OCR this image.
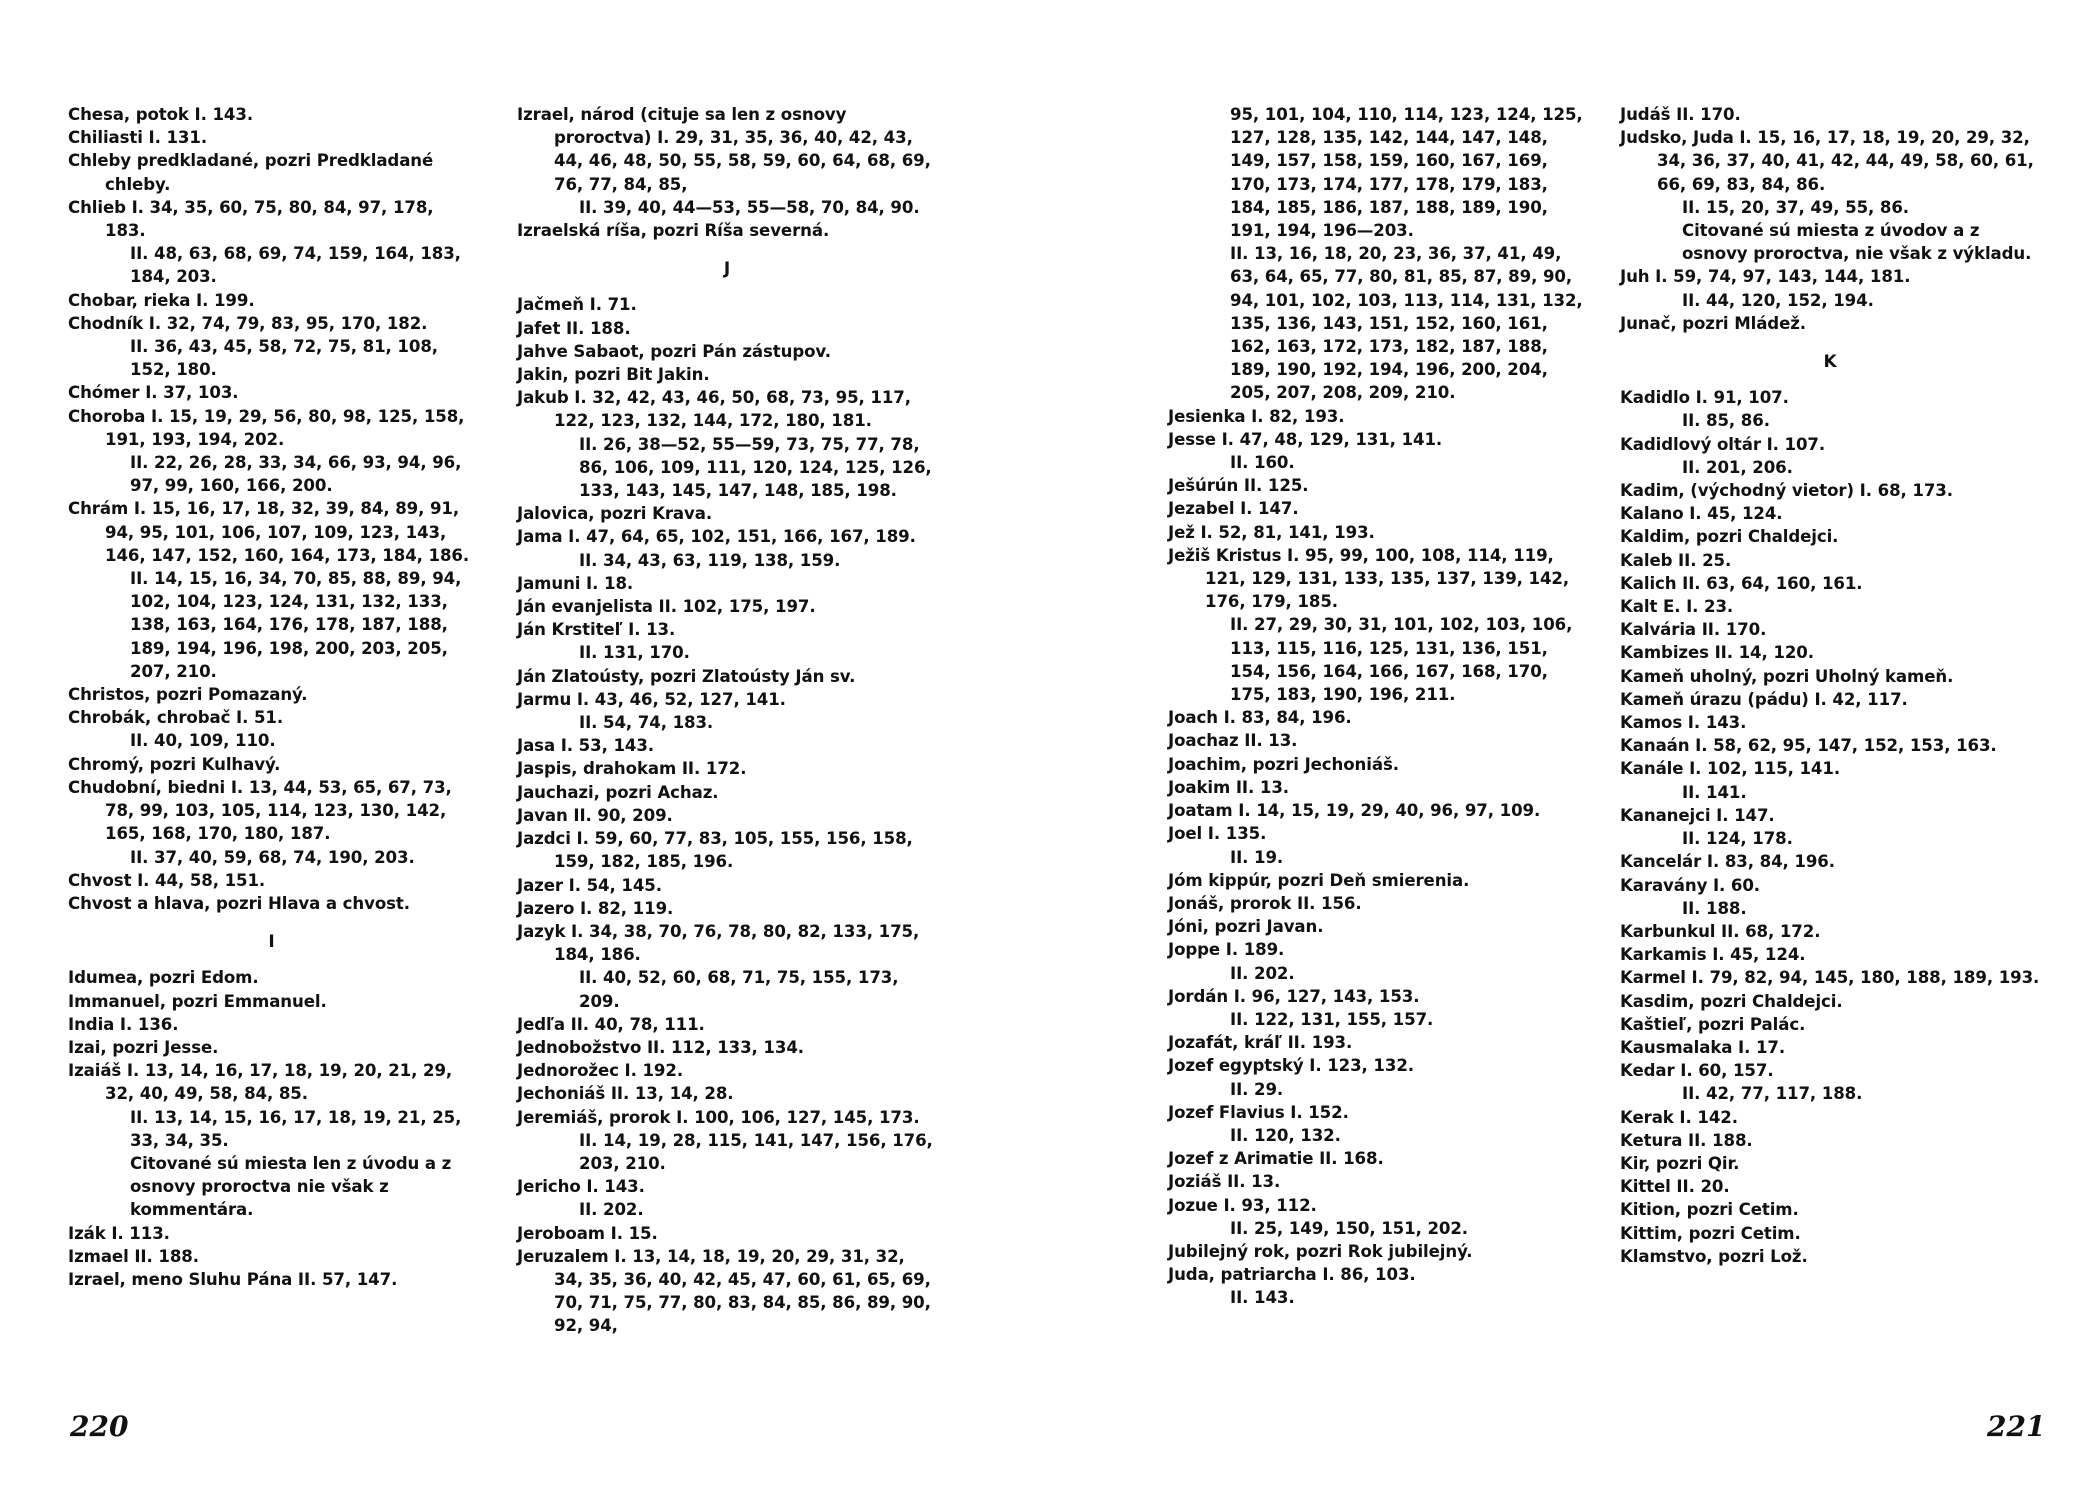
Chesa, potok I. 143.
Chiliasti I. 131.
Chleby predkladané, pozri Predkladané chleby.
Chlieb I. 34, 35, 60, 75, 80, 84, 97, 178, 183.
II. 48, 63, 68, 69, 74, 159, 164, 183, 184, 203.
Chobar, rieka I. 199.
Chodník I. 32, 74, 79, 83, 95, 170, 182.
II. 36, 43, 45, 58, 72, 75, 81, 108, 152, 180.
Chómer I. 37, 103.
Choroba I. 15, 19, 29, 56, 80, 98, 125, 158, 191, 193, 194, 202.
II. 22, 26, 28, 33, 34, 66, 93, 94, 96, 97, 99, 160, 166, 200.
Chrám I. 15, 16, 17, 18, 32, 39, 84, 89, 91, 94, 95, 101, 106, 107, 109, 123, 143, 146, 147, 152, 160, 164, 173, 184, 186.
II. 14, 15, 16, 34, 70, 85, 88, 89, 94, 102, 104, 123, 124, 131, 132, 133, 138, 163, 164, 176, 178, 187, 188, 189, 194, 196, 198, 200, 203, 205, 207, 210.
Christos, pozri Pomazaný.
Chrobák, chrobač I. 51.
II. 40, 109, 110.
Chromý, pozri Kulhavý.
Chudobní, biedni I. 13, 44, 53, 65, 67, 73, 78, 99, 103, 105, 114, 123, 130, 142, 165, 168, 170, 180, 187.
II. 37, 40, 59, 68, 74, 190, 203.
Chvost I. 44, 58, 151.
Chvost a hlava, pozri Hlava a chvost.
I
Idumea, pozri Edom.
Immanuel, pozri Emmanuel.
India I. 136.
Izai, pozri Jesse.
Izaiáš I. 13, 14, 16, 17, 18, 19, 20, 21, 29, 32, 40, 49, 58, 84, 85.
II. 13, 14, 15, 16, 17, 18, 19, 21, 25, 33, 34, 35.
Citované sú miesta len z úvodu a z osnovy proroctva nie však z kommentára.
Izák I. 113.
Izmael II. 188.
Izrael, meno Sluhu Pána II. 57, 147.
Izrael, národ (cituje sa len z osnovy proroctva) I. 29, 31, 35, 36, 40, 42, 43, 44, 46, 48, 50, 55, 58, 59, 60, 64, 68, 69, 76, 77, 84, 85,
II. 39, 40, 44—53, 55—58, 70, 84, 90.
Izraelská ríša, pozri Ríša severná.
J
Jačmeň I. 71.
Jafet II. 188.
Jahve Sabaot, pozri Pán zástupov.
Jakin, pozri Bit Jakin.
Jakub I. 32, 42, 43, 46, 50, 68, 73, 95, 117, 122, 123, 132, 144, 172, 180, 181.
II. 26, 38—52, 55—59, 73, 75, 77, 78, 86, 106, 109, 111, 120, 124, 125, 126, 133, 143, 145, 147, 148, 185, 198.
Jalovica, pozri Krava.
Jama I. 47, 64, 65, 102, 151, 166, 167, 189.
II. 34, 43, 63, 119, 138, 159.
Jamuni I. 18.
Ján evanjelista II. 102, 175, 197.
Ján Krstiteľ I. 13.
II. 131, 170.
Ján Zlatoústy, pozri Zlatoústy Ján sv.
Jarmu I. 43, 46, 52, 127, 141.
II. 54, 74, 183.
Jasa I. 53, 143.
Jaspis, drahokam II. 172.
Jauchazi, pozri Achaz.
Javan II. 90, 209.
Jazdci I. 59, 60, 77, 83, 105, 155, 156, 158, 159, 182, 185, 196.
Jazer I. 54, 145.
Jazero I. 82, 119.
Jazyk I. 34, 38, 70, 76, 78, 80, 82, 133, 175, 184, 186.
II. 40, 52, 60, 68, 71, 75, 155, 173, 209.
Jedľa II. 40, 78, 111.
Jednobožstvo II. 112, 133, 134.
Jednorožec I. 192.
Jechoniáš II. 13, 14, 28.
Jeremiáš, prorok I. 100, 106, 127, 145, 173.
II. 14, 19, 28, 115, 141, 147, 156, 176, 203, 210.
Jericho I. 143.
II. 202.
Jeroboam I. 15.
Jeruzalem I. 13, 14, 18, 19, 20, 29, 31, 32, 34, 35, 36, 40, 42, 45, 47, 60, 61, 65, 69, 70, 71, 75, 77, 80, 83, 84, 85, 86, 89, 90, 92, 94,
95, 101, 104, 110, 114, 123, 124, 125, 127, 128, 135, 142, 144, 147, 148, 149, 157, 158, 159, 160, 167, 169, 170, 173, 174, 177, 178, 179, 183, 184, 185, 186, 187, 188, 189, 190, 191, 194, 196—203.
II. 13, 16, 18, 20, 23, 36, 37, 41, 49, 63, 64, 65, 77, 80, 81, 85, 87, 89, 90, 94, 101, 102, 103, 113, 114, 131, 132, 135, 136, 143, 151, 152, 160, 161, 162, 163, 172, 173, 182, 187, 188, 189, 190, 192, 194, 196, 200, 204, 205, 207, 208, 209, 210.
Jesienka I. 82, 193.
Jesse I. 47, 48, 129, 131, 141.
II. 160.
Ješúrún II. 125.
Jezabel I. 147.
Jež I. 52, 81, 141, 193.
Ježiš Kristus I. 95, 99, 100, 108, 114, 119, 121, 129, 131, 133, 135, 137, 139, 142, 176, 179, 185.
II. 27, 29, 30, 31, 101, 102, 103, 106, 113, 115, 116, 125, 131, 136, 151, 154, 156, 164, 166, 167, 168, 170, 175, 183, 190, 196, 211.
Joach I. 83, 84, 196.
Joachaz II. 13.
Joachim, pozri Jechoniáš.
Joakim II. 13.
Joatam I. 14, 15, 19, 29, 40, 96, 97, 109.
Joel I. 135.
II. 19.
Jóm kippúr, pozri Deň smierenia.
Jonáš, prorok II. 156.
Jóni, pozri Javan.
Joppe I. 189.
II. 202.
Jordán I. 96, 127, 143, 153.
II. 122, 131, 155, 157.
Jozafát, kráľ II. 193.
Jozef egyptský I. 123, 132.
II. 29.
Jozef Flavius I. 152.
II. 120, 132.
Jozef z Arimatie II. 168.
Joziáš II. 13.
Jozue I. 93, 112.
II. 25, 149, 150, 151, 202.
Jubilejný rok, pozri Rok jubilejný.
Juda, patriarcha I. 86, 103.
II. 143.
Judáš II. 170.
Judsko, Juda I. 15, 16, 17, 18, 19, 20, 29, 32, 34, 36, 37, 40, 41, 42, 44, 49, 58, 60, 61, 66, 69, 83, 84, 86.
II. 15, 20, 37, 49, 55, 86.
Citované sú miesta z úvodov a z osnovy proroctva, nie však z výkladu.
Juh I. 59, 74, 97, 143, 144, 181.
II. 44, 120, 152, 194.
Junač, pozri Mládež.
K
Kadidlo I. 91, 107.
II. 85, 86.
Kadidlový oltár I. 107.
II. 201, 206.
Kadim, (východný vietor) I. 68, 173.
Kalano I. 45, 124.
Kaldim, pozri Chaldejci.
Kaleb II. 25.
Kalich II. 63, 64, 160, 161.
Kalt E. I. 23.
Kalvária II. 170.
Kambizes II. 14, 120.
Kameň uholný, pozri Uholný kameň.
Kameň úrazu (pádu) I. 42, 117.
Kamos I. 143.
Kanaán I. 58, 62, 95, 147, 152, 153, 163.
Kanále I. 102, 115, 141.
II. 141.
Kananejci I. 147.
II. 124, 178.
Kancelár I. 83, 84, 196.
Karavány I. 60.
II. 188.
Karbunkul II. 68, 172.
Karkamis I. 45, 124.
Karmel I. 79, 82, 94, 145, 180, 188, 189, 193.
Kasdim, pozri Chaldejci.
Kaštieľ, pozri Palác.
Kausmalaka I. 17.
Kedar I. 60, 157.
II. 42, 77, 117, 188.
Kerak I. 142.
Ketura II. 188.
Kir, pozri Qir.
Kittel II. 20.
Kition, pozri Cetim.
Kittim, pozri Cetim.
Klamstvo, pozri Lož.
220	221
